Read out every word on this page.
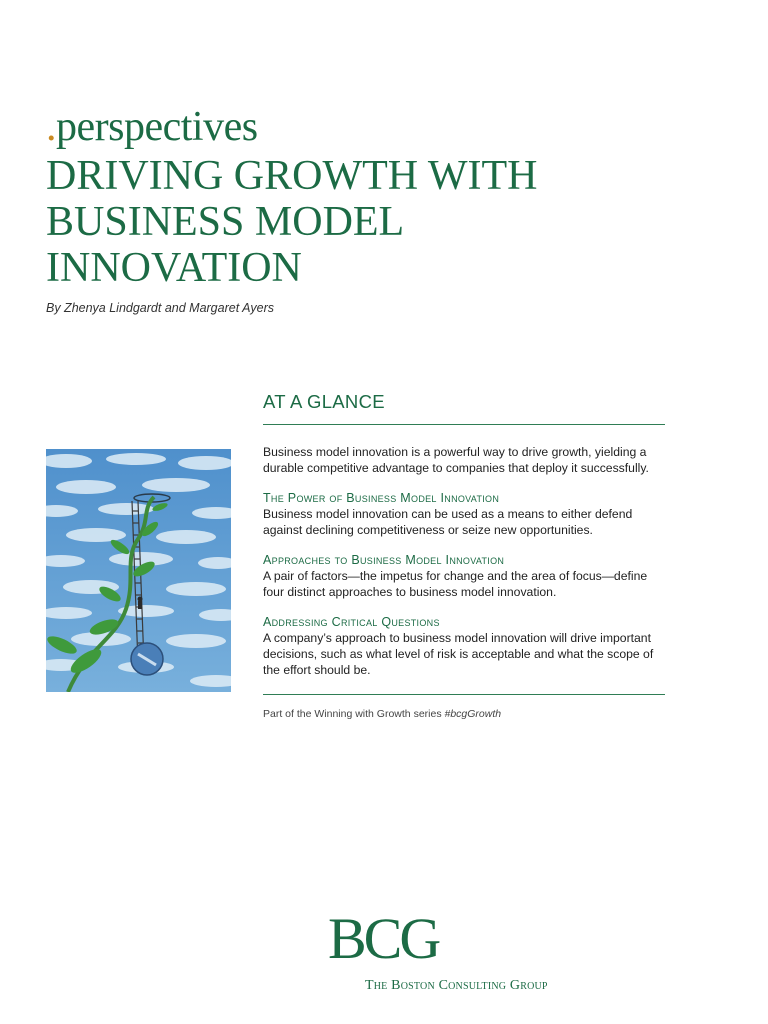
.perspectives
DRIVING GROWTH WITH
BUSINESS MODEL
INNOVATION
By Zhenya Lindgardt and Margaret Ayers
AT A GLANCE

Business model innovation is a powerful way to drive growth, yielding a durable competitive advantage to companies that deploy it successfully.

The Power of Business Model Innovation

Business model innovation can be used as a means to either defend against declining competitiveness or seize new opportunities.

Approaches to Business Model Innovation

A pair of factors—the impetus for change and the area of focus—define four distinct approaches to business model innovation.

Addressing Critical Questions

A company’s approach to business model innovation will drive important decisions, such as what level of risk is acceptable and what the scope of the effort should be.

Part of the Winning with Growth series #bcgGrowth
BCG
The Boston Consulting Group
